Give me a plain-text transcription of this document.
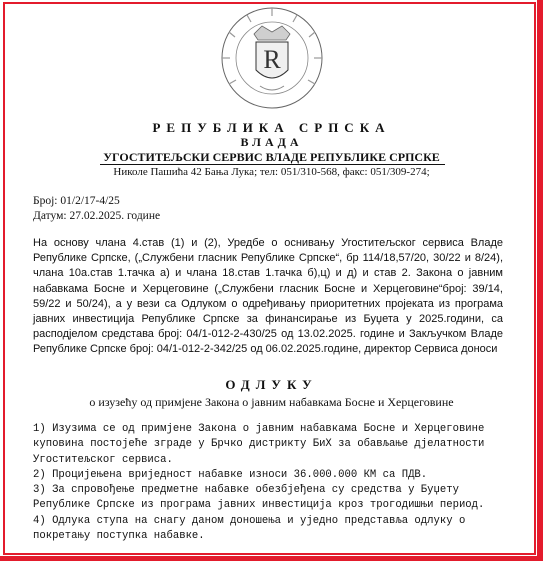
R
РЕПУБЛИКА СРПСКА
ВЛАДА
УГОСТИТЕЉСКИ СЕРВИС ВЛАДЕ РЕПУБЛИКЕ СРПСКЕ
Николе Пашића 42 Бања Лука; тел: 051/310-568, факс: 051/309-274;
Број: 01/2/17-4/25
Датум: 27.02.2025. године
На основу члана 4.став (1) и (2), Уредбе о оснивању Угоститељског сервиса Владе Републике Српске, („Службени гласник Републике Српске“, бр 114/18,57/20, 30/22 и 8/24), члана 10а.став 1.тачка а) и члана 18.став 1.тачка б),ц) и д) и став 2. Закона о јавним набавкама Босне и Херцеговине („Службени гласник Босне и Херцеговине“број: 39/14, 59/22 и 50/24), а у вези са Одлуком о одређивању приоритетних пројеката из програма јавних инвестиција Републике Српске за финансирање из Буџета у 2025.години, са расподјелом средстава број: 04/1-012-2-430/25 од 13.02.2025. године и Закључком Владе Републике Српске број: 04/1-012-2-342/25 од 06.02.2025.године, директор Сервиса доноси
ОДЛУКУ
о изузећу од примјене Закона о јавним набавкама Босне и Херцеговине

1) Изузима се од примјене Закона о јавним набавкама Босне и Херцеговине куповина постојеће зграде у Брчко дистрикту БиХ за обављање дјелатности Угоститељског сервиса.

2) Процијењена вриједност набавке износи 36.000.000 КМ са ПДВ.

3) За спровођење предметне набавке обезбјеђена су средства у Буџету Републике Српске из програма јавних инвестиција кроз трогодишњи период.

4) Одлука ступа на снагу даном доношења и уједно представља одлуку о покретању поступка набавке.
